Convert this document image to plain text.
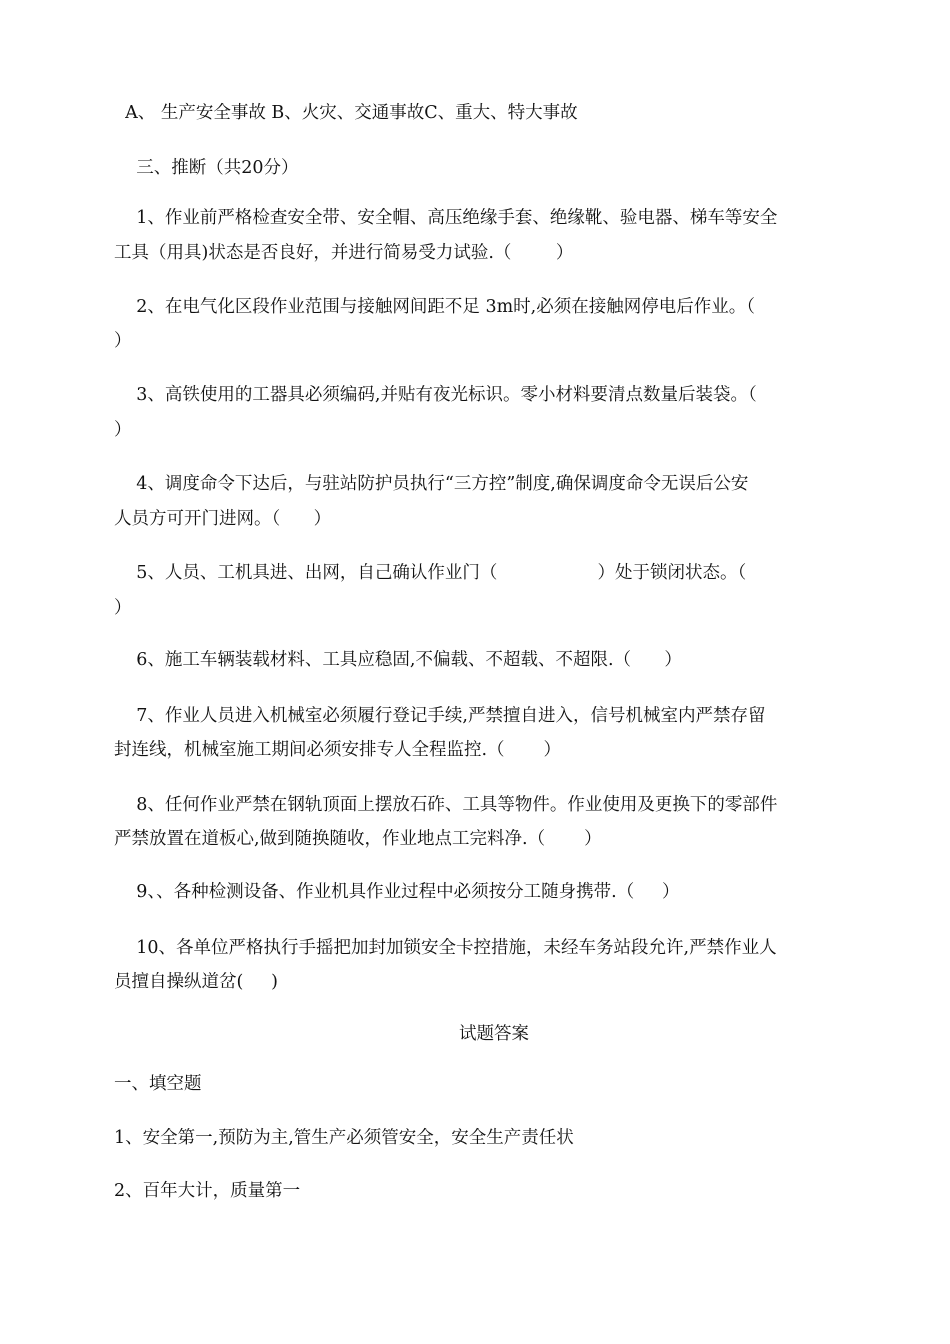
A、 生产安全事故 B、火灾、交通事故C、重大、特大事故

三、推断（共20分）

1、作业前严格检查安全带、安全帽、高压绝缘手套、绝缘靴、验电器、梯车等安全

工具（用具)状态是否良好，并进行简易受力试验.（        ）

2、在电气化区段作业范围与接触网间距不足 3m时,必须在接触网停电后作业。（

）

3、高铁使用的工器具必须编码,并贴有夜光标识。零小材料要清点数量后装袋。（

）

4、调度命令下达后，与驻站防护员执行“三方控”制度,确保调度命令无误后公安

人员方可开门进网。（      ）

5、人员、工机具进、出网，自己确认作业门（                  ）处于锁闭状态。（

）

6、施工车辆装载材料、工具应稳固,不偏载、不超载、不超限.（      ）

7、作业人员进入机械室必须履行登记手续,严禁擅自进入，信号机械室内严禁存留

封连线，机械室施工期间必须安排专人全程监控.（       ）

8、任何作业严禁在钢轨顶面上摆放石砟、工具等物件。作业使用及更换下的零部件

严禁放置在道板心,做到随换随收，作业地点工完料净.（       ）

9、、各种检测设备、作业机具作业过程中必须按分工随身携带.（     ）

10、各单位严格执行手摇把加封加锁安全卡控措施，未经车务站段允许,严禁作业人

员擅自操纵道岔(     )

试题答案

一、填空题

1、安全第一,预防为主,管生产必须管安全，安全生产责任状

2、百年大计，质量第一
